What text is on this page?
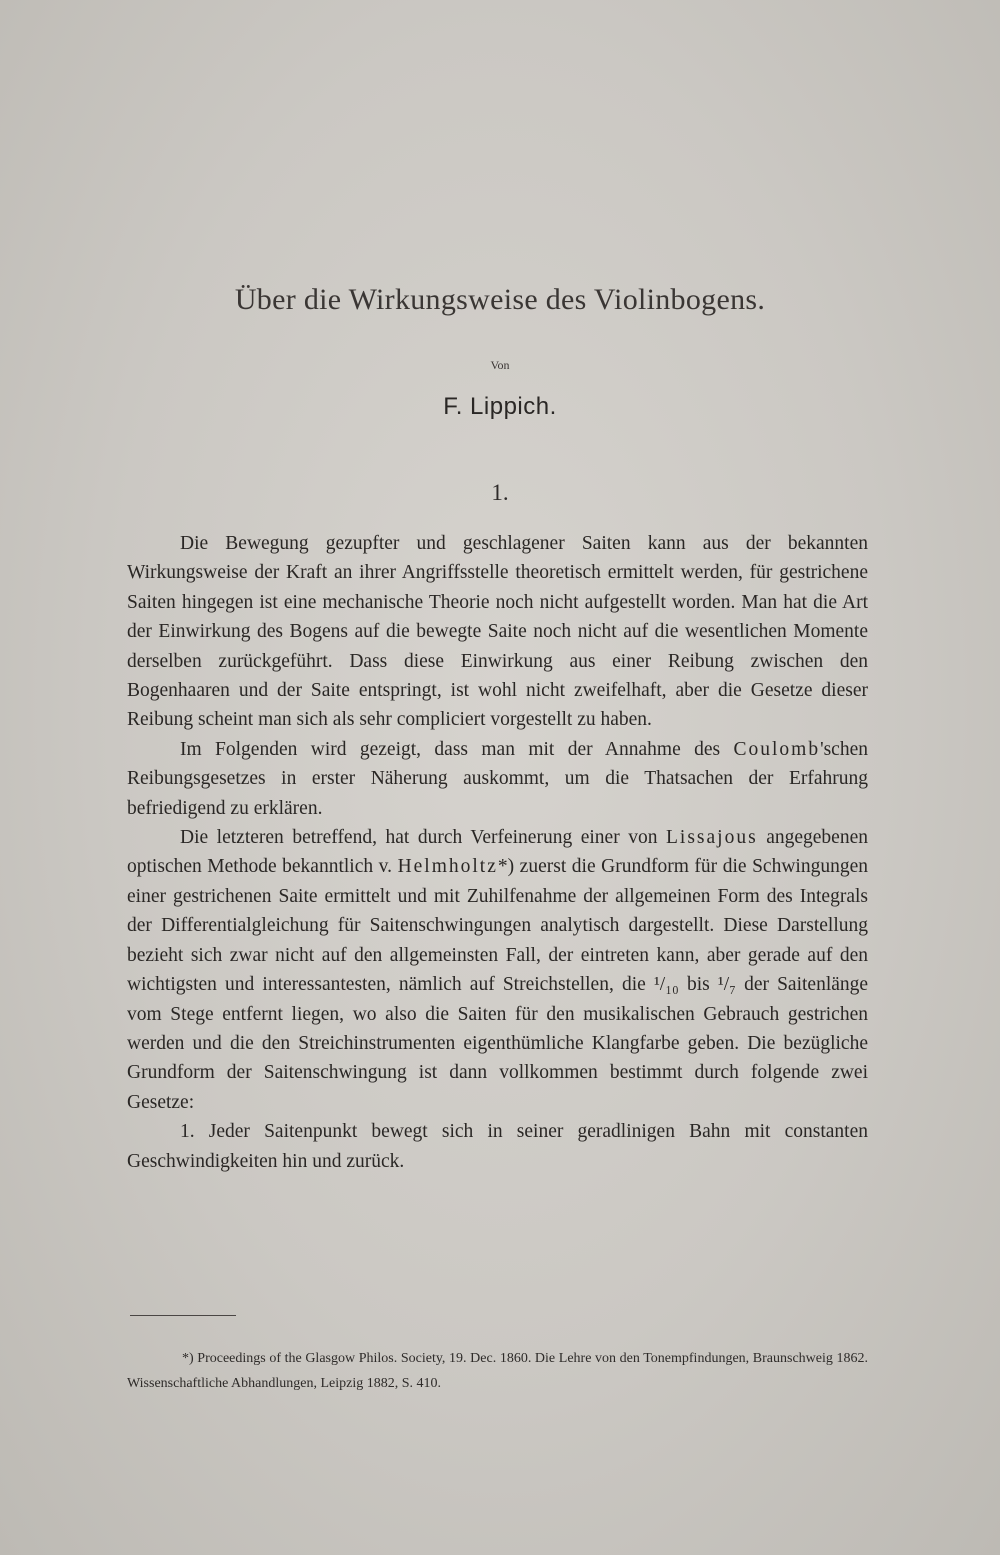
Über die Wirkungsweise des Violinbogens.
Von
F. Lippich.
1.

Die Bewegung gezupfter und geschlagener Saiten kann aus der bekannten Wirkungsweise der Kraft an ihrer Angriffsstelle theoretisch ermittelt werden, für gestrichene Saiten hingegen ist eine mechanische Theorie noch nicht aufgestellt worden. Man hat die Art der Einwirkung des Bogens auf die bewegte Saite noch nicht auf die wesentlichen Momente derselben zurückgeführt. Dass diese Einwirkung aus einer Reibung zwischen den Bogenhaaren und der Saite entspringt, ist wohl nicht zweifelhaft, aber die Gesetze dieser Reibung scheint man sich als sehr compliciert vorgestellt zu haben.

Im Folgenden wird gezeigt, dass man mit der Annahme des Coulomb'schen Reibungsgesetzes in erster Näherung auskommt, um die Thatsachen der Erfahrung befriedigend zu erklären.

Die letzteren betreffend, hat durch Verfeinerung einer von Lissajous angegebenen optischen Methode bekanntlich v. Helmholtz*) zuerst die Grundform für die Schwingungen einer gestrichenen Saite ermittelt und mit Zuhilfenahme der allgemeinen Form des Integrals der Differentialgleichung für Saitenschwingungen analytisch dargestellt. Diese Darstellung bezieht sich zwar nicht auf den allgemeinsten Fall, der eintreten kann, aber gerade auf den wichtigsten und interessantesten, nämlich auf Streichstellen, die ¹/₁₀ bis ¹/₇ der Saitenlänge vom Stege entfernt liegen, wo also die Saiten für den musikalischen Gebrauch gestrichen werden und die den Streichinstrumenten eigenthümliche Klangfarbe geben. Die bezügliche Grundform der Saitenschwingung ist dann vollkommen bestimmt durch folgende zwei Gesetze:

1. Jeder Saitenpunkt bewegt sich in seiner geradlinigen Bahn mit constanten Geschwindigkeiten hin und zurück.

*) Proceedings of the Glasgow Philos. Society, 19. Dec. 1860. Die Lehre von den Tonempfindungen, Braunschweig 1862. Wissenschaftliche Abhandlungen, Leipzig 1882, S. 410.
